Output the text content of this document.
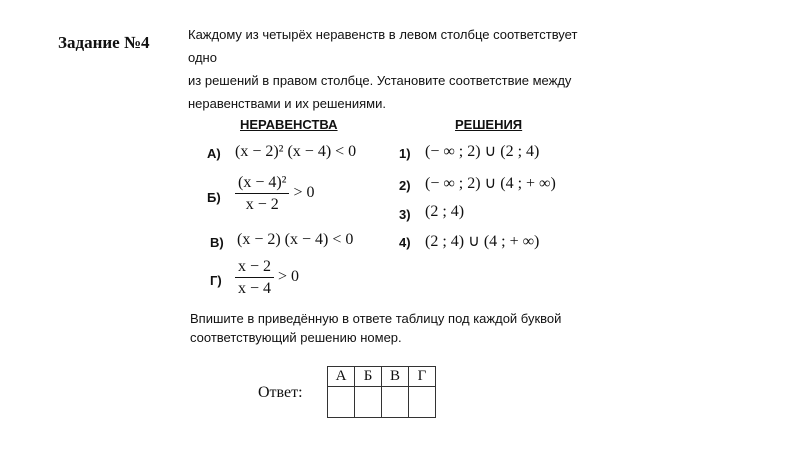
Задание №4	Каждому из четырёх неравенств в левом столбце соответствует
одно
из решений в правом столбце. Установите соответствие между
неравенствами и их решениями.
НЕРАВЕНСТВА	РЕШЕНИЯ
А) (x − 2)² (x − 4) < 0
$Б) \frac{\text{(x − 4)²}}{x - 2} > 0$
В) (x − 2) (x − 4) < 0
$Г) \frac{x - 2}{x - 4} > 0$
1) (− ∞ ; 2) ∪ (2 ; 4)
2) (− ∞ ; 2) ∪ (4 ; + ∞)
3) (2 ; 4)
4) (2 ; 4) ∪ (4 ; + ∞)
Впишите в приведённую в ответе таблицу под каждой буквой
соответствующий решению номер.
Ответ:
А	Б	В	Г
